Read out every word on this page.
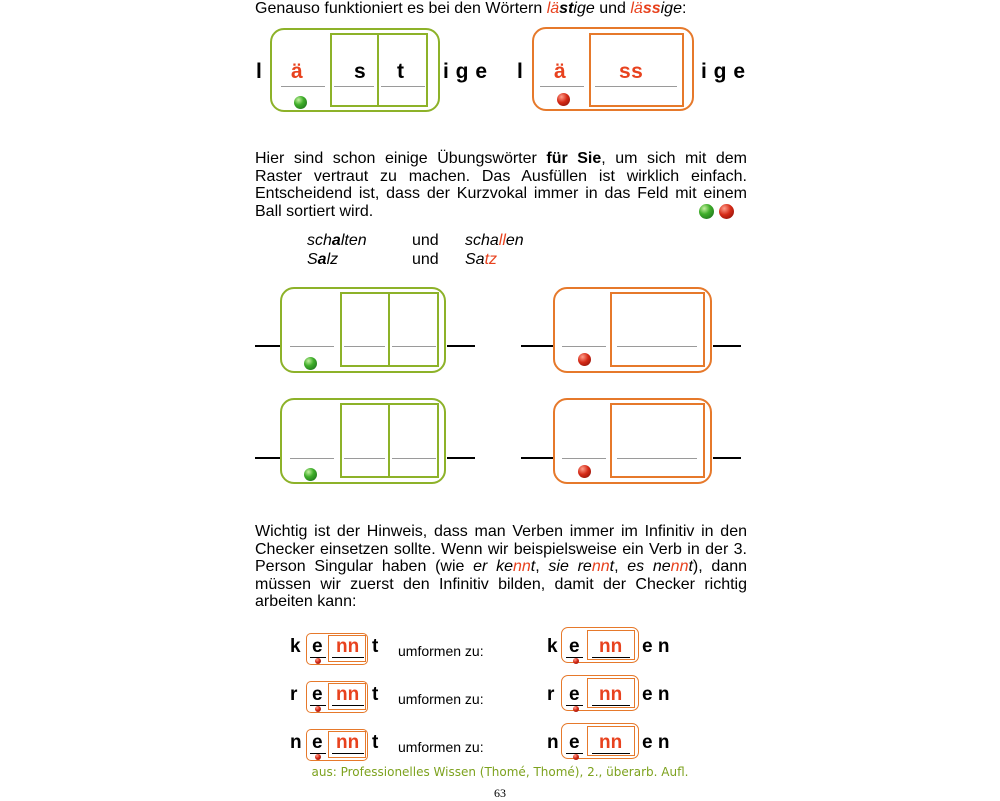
Genauso funktioniert es bei den Wörtern lästige und lässige:
l ä s t i g e l ä	ss	i g e
Hier sind schon einige Übungswörter für Sie, um sich mit dem Raster vertraut zu machen. Das Ausfüllen ist wirklich einfach. Entscheidend ist, dass der Kurzvokal immer in das Feld mit einem Ball sortiert wird.
schalten	und schallen
Salz	und Satz
Wichtig ist der Hinweis, dass man Verben immer im Infinitiv in den Checker einsetzen sollte. Wenn wir beispielsweise ein Verb in der 3. Person Singular haben (wie er kennt, sie rennt, es nennt), dann müssen wir zuerst den Infinitiv bilden, damit der Checker richtig arbeiten kann:
k e nn t umformen zu:	k e nn e n
r e nn t umformen zu:	r e nn e n
n e nn t umformen zu:	n e nn e n
aus: Professionelles Wissen (Thomé, Thomé), 2., überarb. Aufl.
63
